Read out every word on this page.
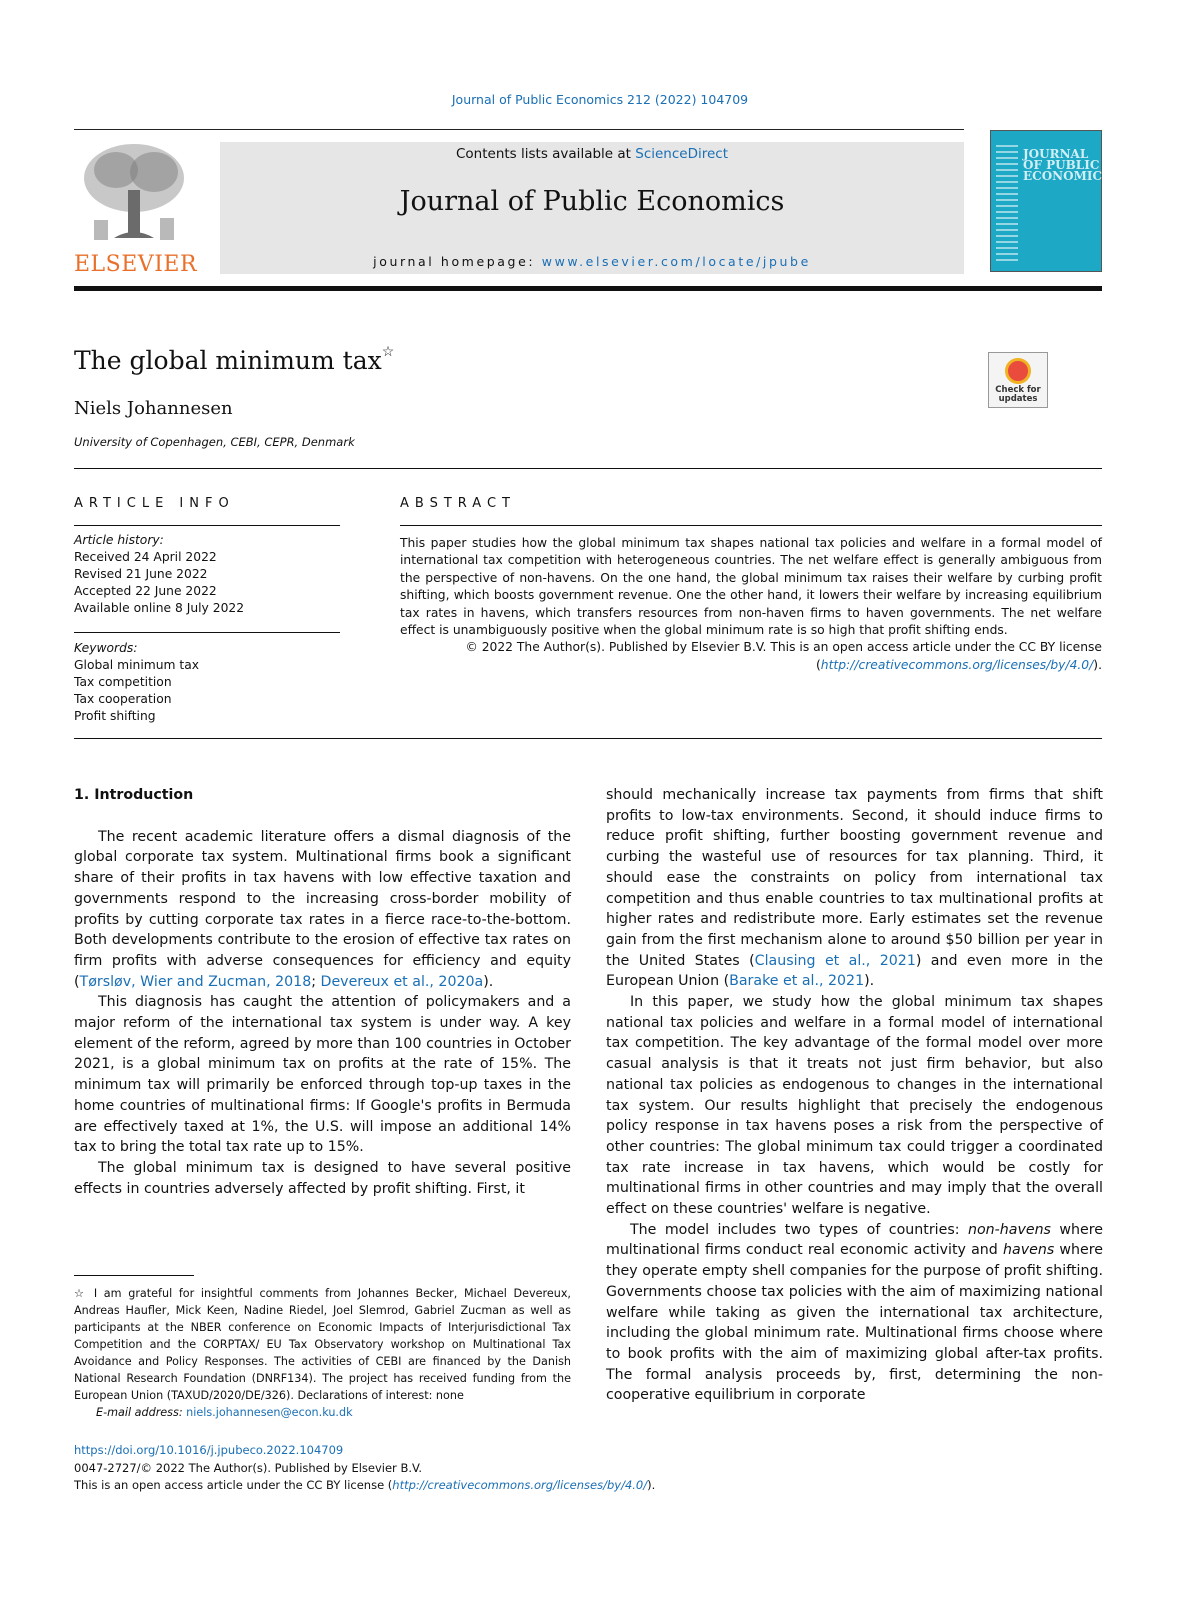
Journal of Public Economics 212 (2022) 104709
ELSEVIER
Contents lists available at ScienceDirect
Journal of Public Economics
journal homepage: www.elsevier.com/locate/jpube
JOURNAL OF PUBLIC ECONOMICS
The global minimum tax☆
Check for updates
Niels Johannesen
University of Copenhagen, CEBI, CEPR, Denmark
ARTICLE INFO	ABSTRACT
Article history:
Received 24 April 2022
Revised 21 June 2022
Accepted 22 June 2022
Available online 8 July 2022
Keywords:
Global minimum tax
Tax competition
Tax cooperation
Profit shifting
This paper studies how the global minimum tax shapes national tax policies and welfare in a formal model of international tax competition with heterogeneous countries. The net welfare effect is generally ambiguous from the perspective of non-havens. On the one hand, the global minimum tax raises their welfare by curbing profit shifting, which boosts government revenue. One the other hand, it lowers their welfare by increasing equilibrium tax rates in havens, which transfers resources from non-haven firms to haven governments. The net welfare effect is unambiguously positive when the global minimum rate is so high that profit shifting ends.

© 2022 The Author(s). Published by Elsevier B.V. This is an open access article under the CC BY license
(http://creativecommons.org/licenses/by/4.0/).

1. Introduction

The recent academic literature offers a dismal diagnosis of the global corporate tax system. Multinational firms book a significant share of their profits in tax havens with low effective taxation and governments respond to the increasing cross-border mobility of profits by cutting corporate tax rates in a fierce race-to-the-bottom. Both developments contribute to the erosion of effective tax rates on firm profits with adverse consequences for efficiency and equity (Tørsløv, Wier and Zucman, 2018; Devereux et al., 2020a).

This diagnosis has caught the attention of policymakers and a major reform of the international tax system is under way. A key element of the reform, agreed by more than 100 countries in October 2021, is a global minimum tax on profits at the rate of 15%. The minimum tax will primarily be enforced through top-up taxes in the home countries of multinational firms: If Google's profits in Bermuda are effectively taxed at 1%, the U.S. will impose an additional 14% tax to bring the total tax rate up to 15%.

The global minimum tax is designed to have several positive effects in countries adversely affected by profit shifting. First, it

should mechanically increase tax payments from firms that shift profits to low-tax environments. Second, it should induce firms to reduce profit shifting, further boosting government revenue and curbing the wasteful use of resources for tax planning. Third, it should ease the constraints on policy from international tax competition and thus enable countries to tax multinational profits at higher rates and redistribute more. Early estimates set the revenue gain from the first mechanism alone to around $50 billion per year in the United States (Clausing et al., 2021) and even more in the European Union (Barake et al., 2021).

In this paper, we study how the global minimum tax shapes national tax policies and welfare in a formal model of international tax competition. The key advantage of the formal model over more casual analysis is that it treats not just firm behavior, but also national tax policies as endogenous to changes in the international tax system. Our results highlight that precisely the endogenous policy response in tax havens poses a risk from the perspective of other countries: The global minimum tax could trigger a coordinated tax rate increase in tax havens, which would be costly for multinational firms in other countries and may imply that the overall effect on these countries' welfare is negative.

The model includes two types of countries: non-havens where multinational firms conduct real economic activity and havens where they operate empty shell companies for the purpose of profit shifting. Governments choose tax policies with the aim of maximizing national welfare while taking as given the international tax architecture, including the global minimum rate. Multinational firms choose where to book profits with the aim of maximizing global after-tax profits. The formal analysis proceeds by, first, determining the non-cooperative equilibrium in corporate

☆ I am grateful for insightful comments from Johannes Becker, Michael Devereux, Andreas Haufler, Mick Keen, Nadine Riedel, Joel Slemrod, Gabriel Zucman as well as participants at the NBER conference on Economic Impacts of Interjurisdictional Tax Competition and the CORPTAX/ EU Tax Observatory workshop on Multinational Tax Avoidance and Policy Responses. The activities of CEBI are financed by the Danish National Research Foundation (DNRF134). The project has received funding from the European Union (TAXUD/2020/DE/326). Declarations of interest: none
E-mail address: niels.johannesen@econ.ku.dk
https://doi.org/10.1016/j.jpubeco.2022.104709
0047-2727/© 2022 The Author(s). Published by Elsevier B.V.
This is an open access article under the CC BY license (http://creativecommons.org/licenses/by/4.0/).
